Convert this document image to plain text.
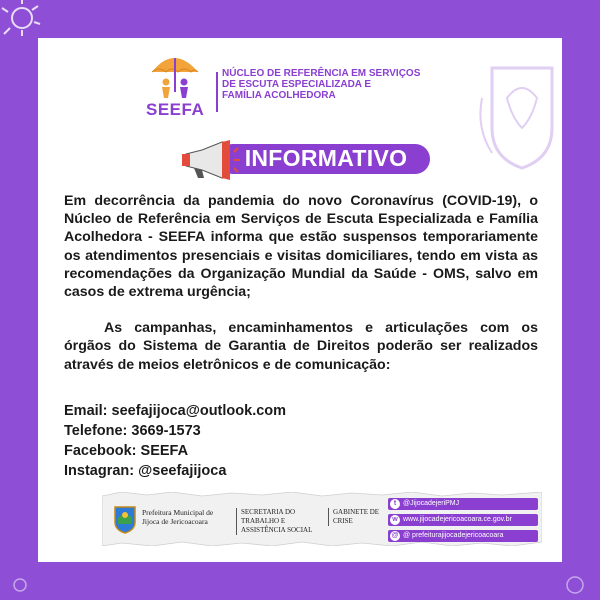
SEEFA
NÚCLEO DE REFERÊNCIA EM SERVIÇOS
DE ESCUTA ESPECIALIZADA E
FAMÍLIA ACOLHEDORA
INFORMATIVO

Em decorrência da pandemia do novo Coronavírus (COVID-19), o Núcleo de Referência em Serviços de Escuta Especializada e Família Acolhedora - SEEFA informa que estão suspensos temporariamente os atendimentos presenciais e visitas domiciliares, tendo em vista as recomendações da Organização Mundial da Saúde - OMS, salvo em casos de extrema urgência;

As campanhas, encaminhamentos e articulações com os órgãos do Sistema de Garantia de Direitos poderão ser realizados através de meios eletrônicos e de comunicação:

Email: seefajijoca@outlook.com
Telefone: 3669-1573
Facebook: SEEFA
Instagran: @seefajijoca
Prefeitura Municipal de Jijoca de Jericoacoara
SECRETARIA DO TRABALHO E ASSISTÊNCIA SOCIAL
GABINETE DE CRISE
t @JijocadejeriPMJ
w www.jijocadejericoacoara.ce.gov.br
@ @ prefeiturajijocadejericoacoara
